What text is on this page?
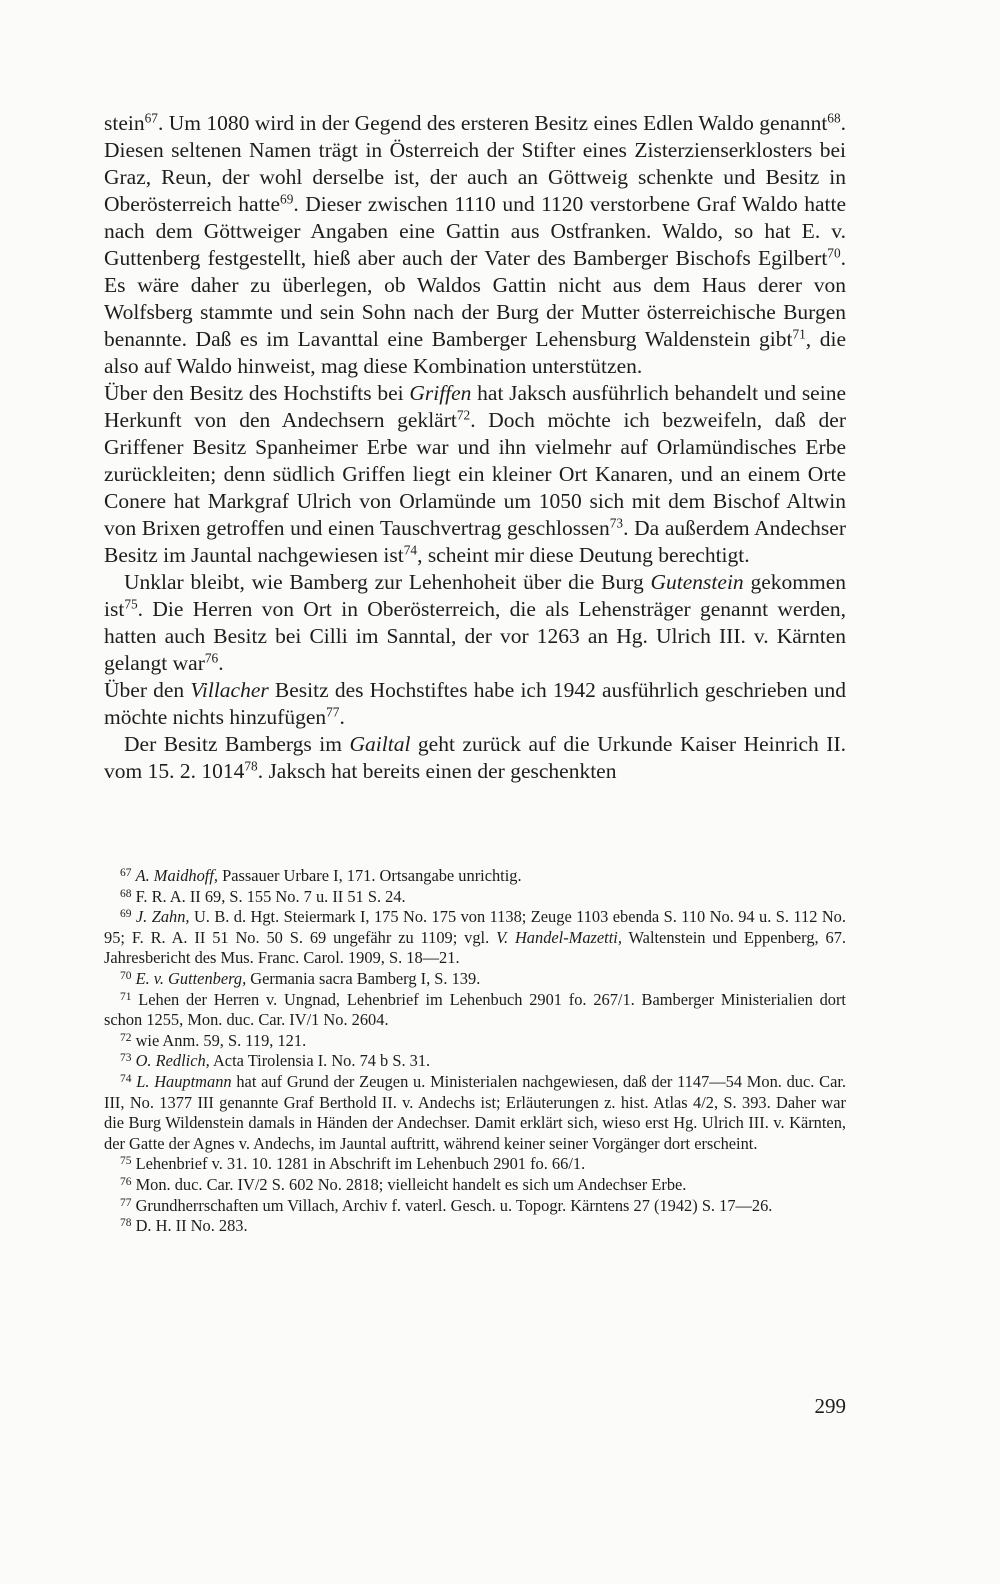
stein$^{67}$. Um 1080 wird in der Gegend des ersteren Besitz eines Edlen Waldo genannt$^{68}$. Diesen seltenen Namen trägt in Österreich der Stifter eines Zisterzienserklosters bei Graz, Reun, der wohl derselbe ist, der auch an Göttweig schenkte und Besitz in Oberösterreich hatte$^{69}$. Dieser zwischen 1110 und 1120 verstorbene Graf Waldo hatte nach dem Göttweiger Angaben eine Gattin aus Ostfranken. Waldo, so hat E. v. Guttenberg festgestellt, hieß aber auch der Vater des Bamberger Bischofs Egilbert$^{70}$. Es wäre daher zu überlegen, ob Waldos Gattin nicht aus dem Haus derer von Wolfsberg stammte und sein Sohn nach der Burg der Mutter österreichische Burgen benannte. Daß es im Lavanttal eine Bamberger Lehensburg Waldenstein gibt$^{71}$, die also auf Waldo hinweist, mag diese Kombination unterstützen.

Über den Besitz des Hochstifts bei Griffen hat Jaksch ausführlich behandelt und seine Herkunft von den Andechsern geklärt$^{72}$. Doch möchte ich bezweifeln, daß der Griffener Besitz Spanheimer Erbe war und ihn vielmehr auf Orlamündisches Erbe zurückleiten; denn südlich Griffen liegt ein kleiner Ort Kanaren, und an einem Orte Conere hat Markgraf Ulrich von Orlamünde um 1050 sich mit dem Bischof Altwin von Brixen getroffen und einen Tauschvertrag geschlossen$^{73}$. Da außerdem Andechser Besitz im Jauntal nachgewiesen ist$^{74}$, scheint mir diese Deutung berechtigt.

Unklar bleibt, wie Bamberg zur Lehenhoheit über die Burg Gutenstein gekommen ist$^{75}$. Die Herren von Ort in Oberösterreich, die als Lehensträger genannt werden, hatten auch Besitz bei Cilli im Sanntal, der vor 1263 an Hg. Ulrich III. v. Kärnten gelangt war$^{76}$.

Über den Villacher Besitz des Hochstiftes habe ich 1942 ausführlich geschrieben und möchte nichts hinzufügen$^{77}$.

Der Besitz Bambergs im Gailtal geht zurück auf die Urkunde Kaiser Heinrich II. vom 15. 2. 1014$^{78}$. Jaksch hat bereits einen der geschenkten

$^{67}$ A. Maidhoff, Passauer Urbare I, 171. Ortsangabe unrichtig.

$^{68}$ F. R. A. II 69, S. 155 No. 7 u. II 51 S. 24.

$^{69}$ J. Zahn, U. B. d. Hgt. Steiermark I, 175 No. 175 von 1138; Zeuge 1103 ebenda S. 110 No. 94 u. S. 112 No. 95; F. R. A. II 51 No. 50 S. 69 ungefähr zu 1109; vgl. V. Handel-Mazetti, Waltenstein und Eppenberg, 67. Jahresbericht des Mus. Franc. Carol. 1909, S. 18—21.

$^{70}$ E. v. Guttenberg, Germania sacra Bamberg I, S. 139.

$^{71}$ Lehen der Herren v. Ungnad, Lehenbrief im Lehenbuch 2901 fo. 267/1. Bamberger Ministerialien dort schon 1255, Mon. duc. Car. IV/1 No. 2604.

$^{72}$ wie Anm. 59, S. 119, 121.

$^{73}$ O. Redlich, Acta Tirolensia I. No. 74 b S. 31.

$^{74}$ L. Hauptmann hat auf Grund der Zeugen u. Ministerialen nachgewiesen, daß der 1147—54 Mon. duc. Car. III, No. 1377 III genannte Graf Berthold II. v. Andechs ist; Erläuterungen z. hist. Atlas 4/2, S. 393. Daher war die Burg Wildenstein damals in Händen der Andechser. Damit erklärt sich, wieso erst Hg. Ulrich III. v. Kärnten, der Gatte der Agnes v. Andechs, im Jauntal auftritt, während keiner seiner Vorgänger dort erscheint.

$^{75}$ Lehenbrief v. 31. 10. 1281 in Abschrift im Lehenbuch 2901 fo. 66/1.

$^{76}$ Mon. duc. Car. IV/2 S. 602 No. 2818; vielleicht handelt es sich um Andechser Erbe.

$^{77}$ Grundherrschaften um Villach, Archiv f. vaterl. Gesch. u. Topogr. Kärntens 27 (1942) S. 17—26.

$^{78}$ D. H. II No. 283.

299
